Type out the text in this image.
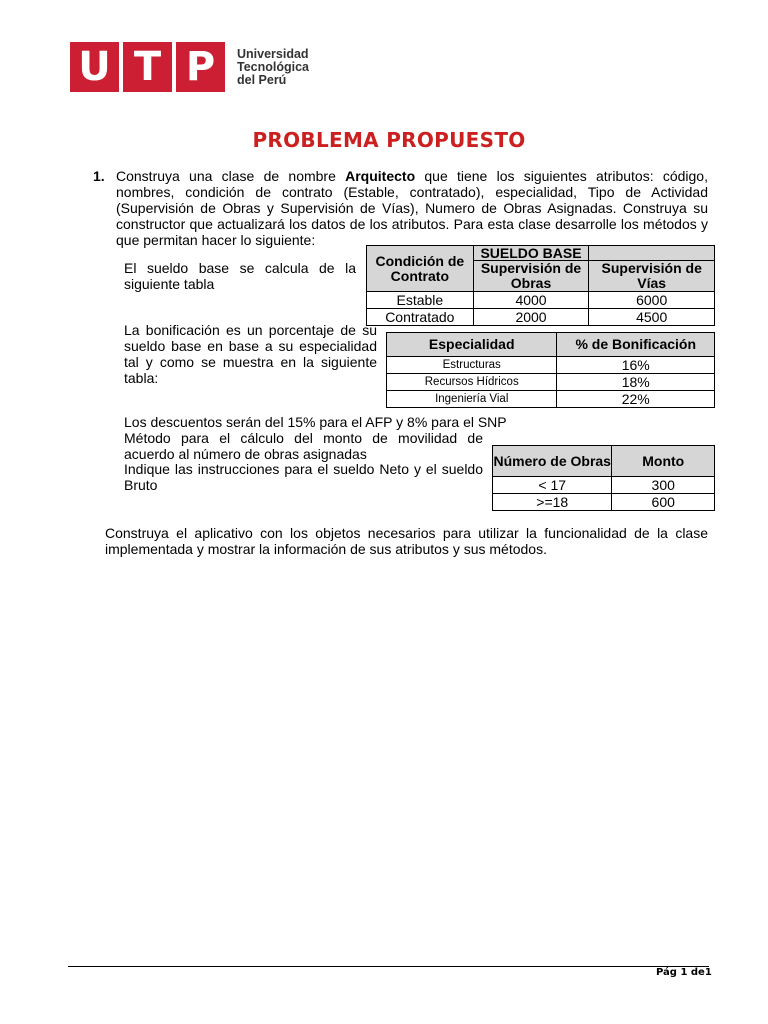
U T P	Universidad
Tecnológica
del Perú
PROBLEMA PROPUESTO
1. Construya una clase de nombre Arquitecto que tiene los siguientes atributos: código, nombres, condición de contrato (Estable, contratado), especialidad, Tipo de Actividad (Supervisión de Obras y Supervisión de Vías), Numero de Obras Asignadas. Construya su constructor que actualizará los datos de los atributos. Para esta clase desarrolle los métodos y que permitan hacer lo siguiente:
El sueldo base se calcula de la siguiente tabla
Condición de Contrato	SUELDO BASE	
	Supervisión de Obras	Supervisión de Vías
Estable	4000	6000
Contratado	2000	4500
La bonificación es un porcentaje de su sueldo base en base a su especialidad tal y como se muestra en la siguiente tabla:
Especialidad	% de Bonificación
Estructuras	16%
Recursos Hídricos	18%
Ingeniería Vial	22%
Los descuentos serán del 15% para el AFP y 8% para el SNP
Método para el cálculo del monto de movilidad de acuerdo al número de obras asignadas
Indique las instrucciones para el sueldo Neto y el sueldo Bruto
Número de Obras	Monto
< 17	300
>=18	600
Construya el aplicativo con los objetos necesarios para utilizar la funcionalidad de la clase implementada y mostrar la información de sus atributos y sus métodos.
Pág 1 de1
